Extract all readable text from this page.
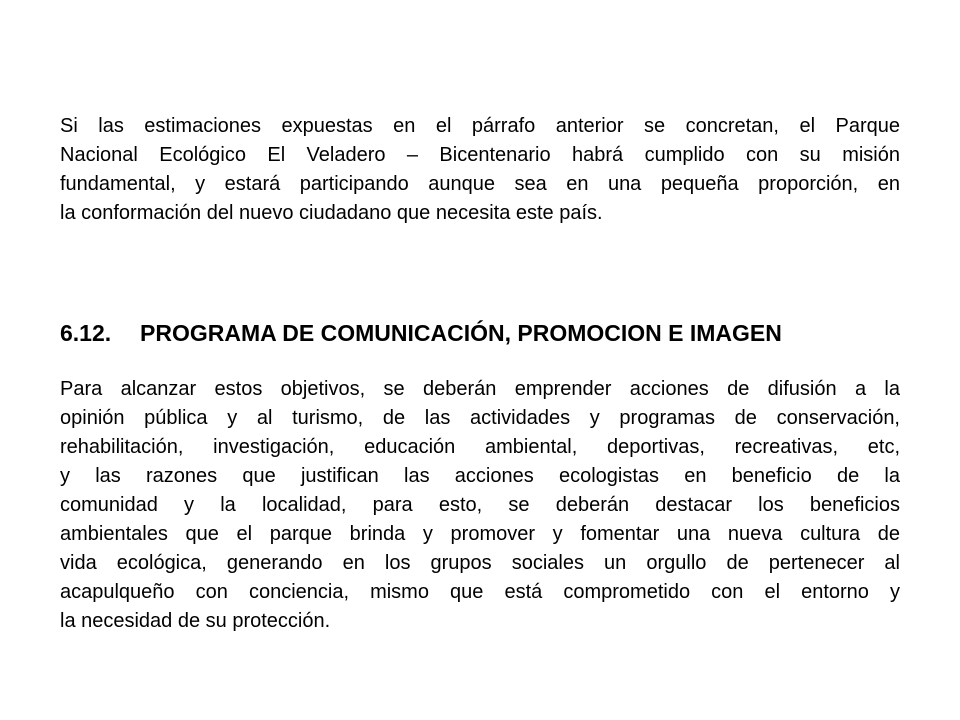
Si las estimaciones expuestas en el párrafo anterior se concretan, el Parque
Nacional Ecológico El Veladero – Bicentenario habrá cumplido con su misión
fundamental, y estará participando aunque sea en una pequeña proporción, en
la conformación del nuevo ciudadano que necesita este país.

6.12. PROGRAMA DE COMUNICACIÓN, PROMOCION E IMAGEN

Para alcanzar estos objetivos, se deberán emprender acciones de difusión a la
opinión pública y al turismo, de las actividades y programas de conservación,
rehabilitación, investigación, educación ambiental, deportivas, recreativas, etc,
y las razones que justifican las acciones ecologistas en beneficio de la
comunidad y la localidad, para esto, se deberán destacar los beneficios
ambientales que el parque brinda y promover y fomentar una nueva cultura de
vida ecológica, generando en los grupos sociales un orgullo de pertenecer al
acapulqueño con conciencia, mismo que está comprometido con el entorno y
la necesidad de su protección.
